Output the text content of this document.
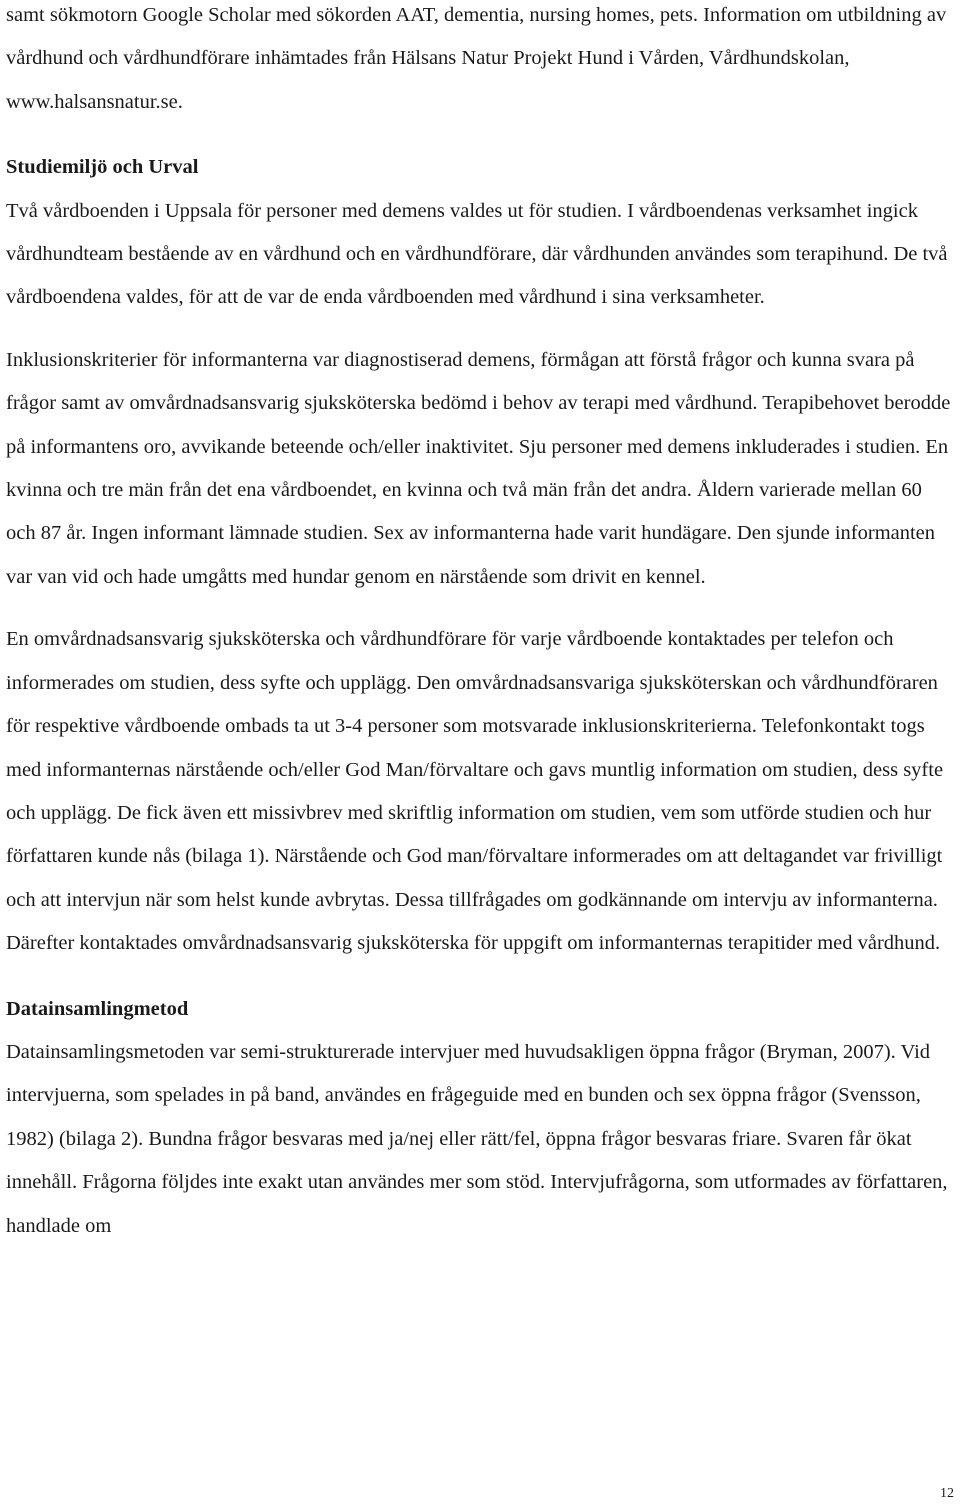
samt sökmotorn Google Scholar med sökorden AAT, dementia, nursing homes, pets. Information om utbildning av vårdhund och vårdhundförare inhämtades från Hälsans Natur Projekt Hund i Vården, Vårdhundskolan, www.halsansnatur.se.

Studiemiljö och Urval

Två vårdboenden i Uppsala för personer med demens valdes ut för studien. I vårdboendenas verksamhet ingick vårdhundteam bestående av en vårdhund och en vårdhundförare, där vårdhunden användes som terapihund. De två vårdboendena valdes, för att de var de enda vårdboenden med vårdhund i sina verksamheter.

Inklusionskriterier för informanterna var diagnostiserad demens, förmågan att förstå frågor och kunna svara på frågor samt av omvårdnadsansvarig sjuksköterska bedömd i behov av terapi med vårdhund. Terapibehovet berodde på informantens oro, avvikande beteende och/eller inaktivitet. Sju personer med demens inkluderades i studien. En kvinna och tre män från det ena vårdboendet, en kvinna och två män från det andra. Åldern varierade mellan 60 och 87 år. Ingen informant lämnade studien. Sex av informanterna hade varit hundägare. Den sjunde informanten var van vid och hade umgåtts med hundar genom en närstående som drivit en kennel.

En omvårdnadsansvarig sjuksköterska och vårdhundförare för varje vårdboende kontaktades per telefon och informerades om studien, dess syfte och upplägg. Den omvårdnadsansvariga sjuksköterskan och vårdhundföraren för respektive vårdboende ombads ta ut 3-4 personer som motsvarade inklusionskriterierna. Telefonkontakt togs med informanternas närstående och/eller God Man/förvaltare och gavs muntlig information om studien, dess syfte och upplägg. De fick även ett missivbrev med skriftlig information om studien, vem som utförde studien och hur författaren kunde nås (bilaga 1). Närstående och God man/förvaltare informerades om att deltagandet var frivilligt och att intervjun när som helst kunde avbrytas. Dessa tillfrågades om godkännande om intervju av informanterna. Därefter kontaktades omvårdnadsansvarig sjuksköterska för uppgift om informanternas terapitider med vårdhund.

Datainsamlingmetod

Datainsamlingsmetoden var semi-strukturerade intervjuer med huvudsakligen öppna frågor (Bryman, 2007). Vid intervjuerna, som spelades in på band, användes en frågeguide med en bunden och sex öppna frågor (Svensson, 1982) (bilaga 2). Bundna frågor besvaras med ja/nej eller rätt/fel, öppna frågor besvaras friare. Svaren får ökat innehåll. Frågorna följdes inte exakt utan användes mer som stöd. Intervjufrågorna, som utformades av författaren, handlade om

12
